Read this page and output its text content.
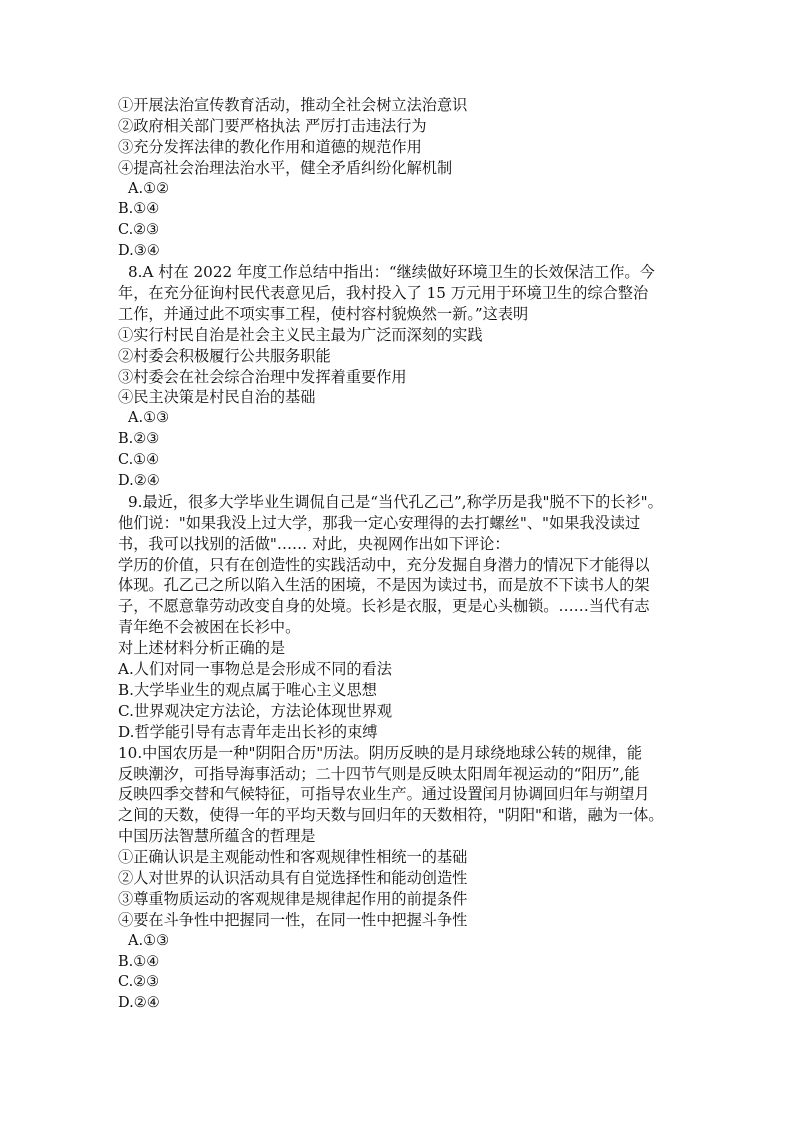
①开展法治宣传教育活动，推动全社会树立法治意识
②政府相关部门要严格执法 严厉打击违法行为
③充分发挥法律的教化作用和道德的规范作用
④提高社会治理法治水平，健全矛盾纠纷化解机制
A.①②
B.①④
C.②③
D.③④
8.A 村在 2022 年度工作总结中指出：“继续做好环境卫生的长效保洁工作。今
年，在充分征询村民代表意见后，我村投入了 15 万元用于环境卫生的综合整治
工作，并通过此不项实事工程，使村容村貌焕然一新。”这表明
①实行村民自治是社会主义民主最为广泛而深刻的实践
②村委会积极履行公共服务职能
③村委会在社会综合治理中发挥着重要作用
④民主决策是村民自治的基础
A.①③
B.②③
C.①④
D.②④
9.最近，很多大学毕业生调侃自己是“当代孔乙己”,称学历是我"脱不下的长衫"。
他们说："如果我没上过大学，那我一定心安理得的去打螺丝"、"如果我没读过
书，我可以找别的活做"…… 对此，央视网作出如下评论：
学历的价值，只有在创造性的实践活动中，充分发掘自身潜力的情况下才能得以
体现。孔乙己之所以陷入生活的困境，不是因为读过书，而是放不下读书人的架
子，不愿意靠劳动改变自身的处境。长衫是衣服，更是心头枷锁。……当代有志
青年绝不会被困在长衫中。
对上述材料分析正确的是
A.人们对同一事物总是会形成不同的看法
B.大学毕业生的观点属于唯心主义思想
C.世界观决定方法论，方法论体现世界观
D.哲学能引导有志青年走出长衫的束缚
10.中国农历是一种"阴阳合历"历法。阴历反映的是月球绕地球公转的规律，能
反映潮汐，可指导海事活动；二十四节气则是反映太阳周年视运动的“阳历”,能
反映四季交替和气候特征，可指导农业生产。通过设置闰月协调回归年与朔望月
之间的天数，使得一年的平均天数与回归年的天数相符，"阴阳"和谐，融为一体。
中国历法智慧所蕴含的哲理是
①正确认识是主观能动性和客观规律性相统一的基础
②人对世界的认识活动具有自觉选择性和能动创造性
③尊重物质运动的客观规律是规律起作用的前提条件
④要在斗争性中把握同一性，在同一性中把握斗争性
A.①③
B.①④
C.②③
D.②④
